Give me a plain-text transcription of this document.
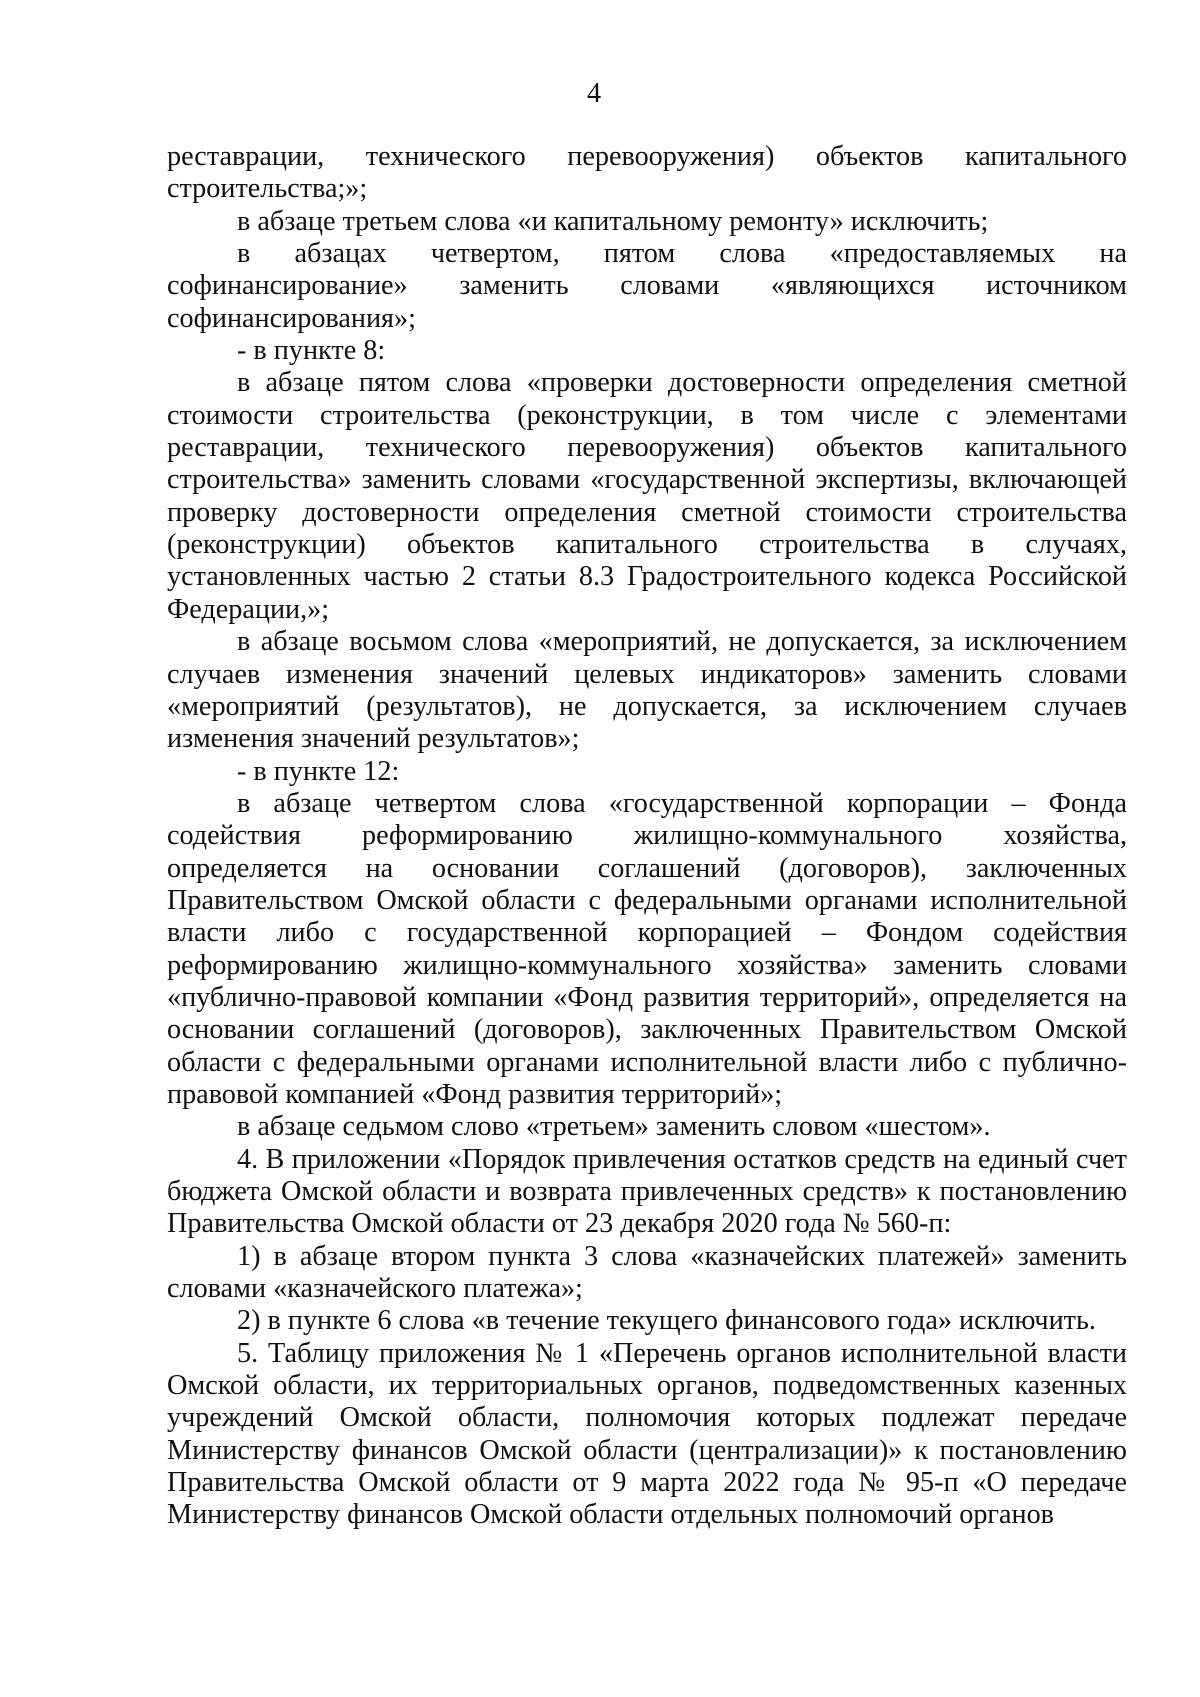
4

реставрации, технического перевооружения) объектов капитального строительства;»;

в абзаце третьем слова «и капитальному ремонту» исключить;

в абзацах четвертом, пятом слова «предоставляемых на софинансирование» заменить словами «являющихся источником софинансирования»;

- в пункте 8:

в абзаце пятом слова «проверки достоверности определения сметной стоимости строительства (реконструкции, в том числе с элементами реставрации, технического перевооружения) объектов капитального строительства» заменить словами «государственной экспертизы, включающей проверку достоверности определения сметной стоимости строительства (реконструкции) объектов капитального строительства в случаях, установленных частью 2 статьи 8.3 Градостроительного кодекса Российской Федерации,»;

в абзаце восьмом слова «мероприятий, не допускается, за исключением случаев изменения значений целевых индикаторов» заменить словами «мероприятий (результатов), не допускается, за исключением случаев изменения значений результатов»;

- в пункте 12:

в абзаце четвертом слова «государственной корпорации – Фонда содействия реформированию жилищно-коммунального хозяйства, определяется на основании соглашений (договоров), заключенных Правительством Омской области с федеральными органами исполнительной власти либо с государственной корпорацией – Фондом содействия реформированию жилищно-коммунального хозяйства» заменить словами «публично-правовой компании «Фонд развития территорий», определяется на основании соглашений (договоров), заключенных Правительством Омской области с федеральными органами исполнительной власти либо с публично-правовой компанией «Фонд развития территорий»;

в абзаце седьмом слово «третьем» заменить словом «шестом».

4. В приложении «Порядок привлечения остатков средств на единый счет бюджета Омской области и возврата привлеченных средств» к постановлению Правительства Омской области от 23 декабря 2020 года № 560-п:

1) в абзаце втором пункта 3 слова «казначейских платежей» заменить словами «казначейского платежа»;

2) в пункте 6 слова «в течение текущего финансового года» исключить.

5. Таблицу приложения № 1 «Перечень органов исполнительной власти Омской области, их территориальных органов, подведомственных казенных учреждений Омской области, полномочия которых подлежат передаче Министерству финансов Омской области (централизации)» к постановлению Правительства Омской области от 9 марта 2022 года № 95-п «О передаче Министерству финансов Омской области отдельных полномочий органов
